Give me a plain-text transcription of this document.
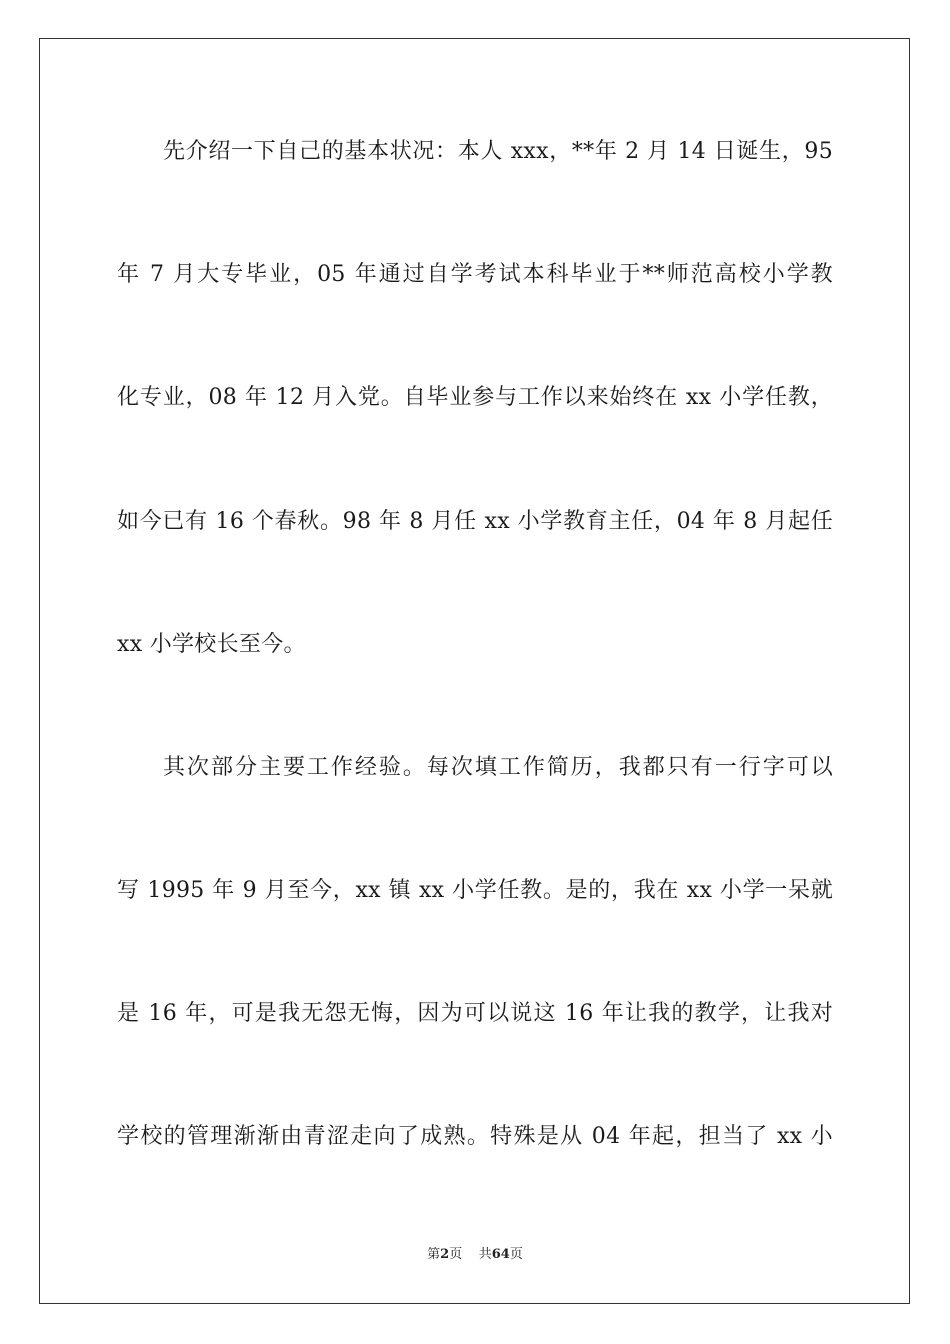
先介绍一下自己的基本状况：本人 xxx，**年 2 月 14 日诞生，95
年 7 月大专毕业，05 年通过自学考试本科毕业于**师范高校小学教
化专业，08 年 12 月入党。自毕业参与工作以来始终在 xx 小学任教，
如今已有 16 个春秋。98 年 8 月任 xx 小学教育主任，04 年 8 月起任
xx 小学校长至今。
其次部分主要工作经验。每次填工作简历，我都只有一行字可以
写 1995 年 9 月至今，xx 镇 xx 小学任教。是的，我在 xx 小学一呆就
是 16 年，可是我无怨无悔，因为可以说这 16 年让我的教学，让我对
学校的管理渐渐由青涩走向了成熟。特殊是从 04 年起，担当了 xx 小
第2页    共64页
